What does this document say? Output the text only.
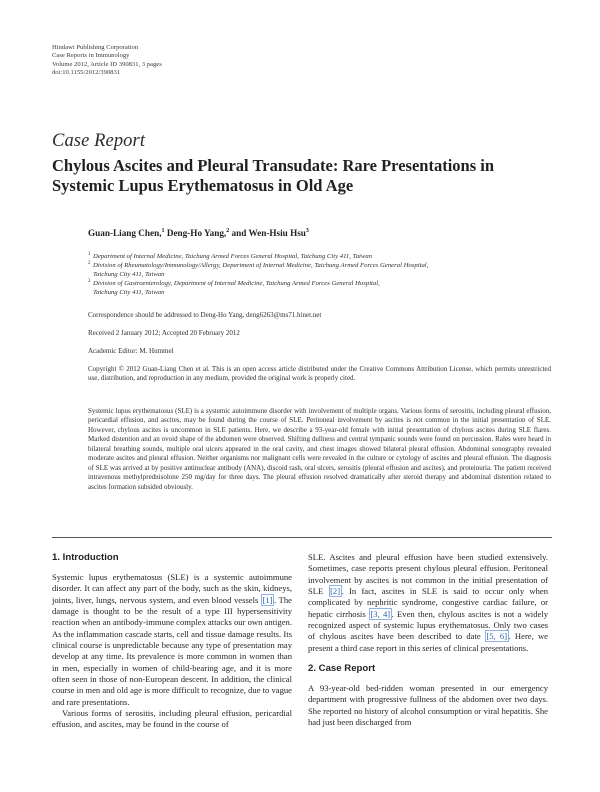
Hindawi Publishing Corporation
Case Reports in Immunology
Volume 2012, Article ID 390831, 3 pages
doi:10.1155/2012/390831
Case Report
Chylous Ascites and Pleural Transudate: Rare Presentations in Systemic Lupus Erythematosus in Old Age
Guan-Liang Chen,$^1$ Deng-Ho Yang,$^2$ and Wen-Hsiu Hsu$^3$
1 Department of Internal Medicine, Taichung Armed Forces General Hospital, Taichung City 411, Taiwan
2 Division of Rheumatology/Immunology/Allergy, Department of Internal Medicine, Taichung Armed Forces General Hospital,
Taichung City 411, Taiwan
3 Division of Gastroenterology, Department of Internal Medicine, Taichung Armed Forces General Hospital,
Taichung City 411, Taiwan
Correspondence should be addressed to Deng-Ho Yang, deng6263@ms71.hinet.net
Received 2 January 2012; Accepted 20 February 2012
Academic Editor: M. Hummel
Copyright © 2012 Guan-Liang Chen et al. This is an open access article distributed under the Creative Commons Attribution License, which permits unrestricted use, distribution, and reproduction in any medium, provided the original work is properly cited.
Systemic lupus erythematosus (SLE) is a systemic autoimmune disorder with involvement of multiple organs. Various forms of serositis, including pleural effusion, pericardial effusion, and ascites, may be found during the course of SLE. Peritoneal involvement by ascites is not common in the initial presentation of SLE. However, chylous ascites is uncommon in SLE patients. Here, we describe a 93-year-old female with initial presentation of chylous ascites during SLE flares. Marked distention and an ovoid shape of the abdomen were observed. Shifting dullness and central tympanic sounds were found on percussion. Rales were heard in bilateral breathing sounds, multiple oral ulcers appeared in the oral cavity, and chest images showed bilateral pleural effusion. Abdominal sonography revealed moderate ascites and pleural effusion. Neither organisms nor malignant cells were revealed in the culture or cytology of ascites and pleural effusion. The diagnosis of SLE was arrived at by positive antinuclear antibody (ANA), discoid rash, oral ulcers, serositis (pleural effusion and ascites), and proteinuria. The patient received intravenous methylprednisolone 250 mg/day for three days. The pleural effusion resolved dramatically after steroid therapy and abdominal distention related to ascites formation subsided obviously.
1. Introduction

Systemic lupus erythematosus (SLE) is a systemic autoimmune disorder. It can affect any part of the body, such as the skin, kidneys, joints, liver, lungs, nervous system, and even blood vessels [1] . The damage is thought to be the result of a type III hypersensitivity reaction when an antibody-immune complex attacks our own antigen. As the inflammation cascade starts, cell and tissue damage results. Its clinical course is unpredictable because any type of presentation may develop at any time. Its prevalence is more common in women than in men, especially in women of child-bearing age, and it is more often seen in those of non-European descent. In addition, the clinical course in men and old age is more difficult to recognize, due to vague and rare presentations.

Various forms of serositis, including pleural effusion, pericardial effusion, and ascites, may be found in the course of

SLE. Ascites and pleural effusion have been studied extensively. Sometimes, case reports present chylous pleural effusion. Peritoneal involvement by ascites is not common in the initial presentation of SLE [2] . In fact, ascites in SLE is said to occur only when complicated by nephritic syndrome, congestive cardiac failure, or hepatic cirrhosis [3, 4] . Even then, chylous ascites is not a widely recognized aspect of systemic lupus erythematosus. Only two cases of chylous ascites have been described to date [5, 6] . Here, we present a third case report in this series of clinical presentations.

2. Case Report

A 93-year-old bed-ridden woman presented in our emergency department with progressive fullness of the abdomen over two days. She reported no history of alcohol consumption or viral hepatitis. She had just been discharged from
